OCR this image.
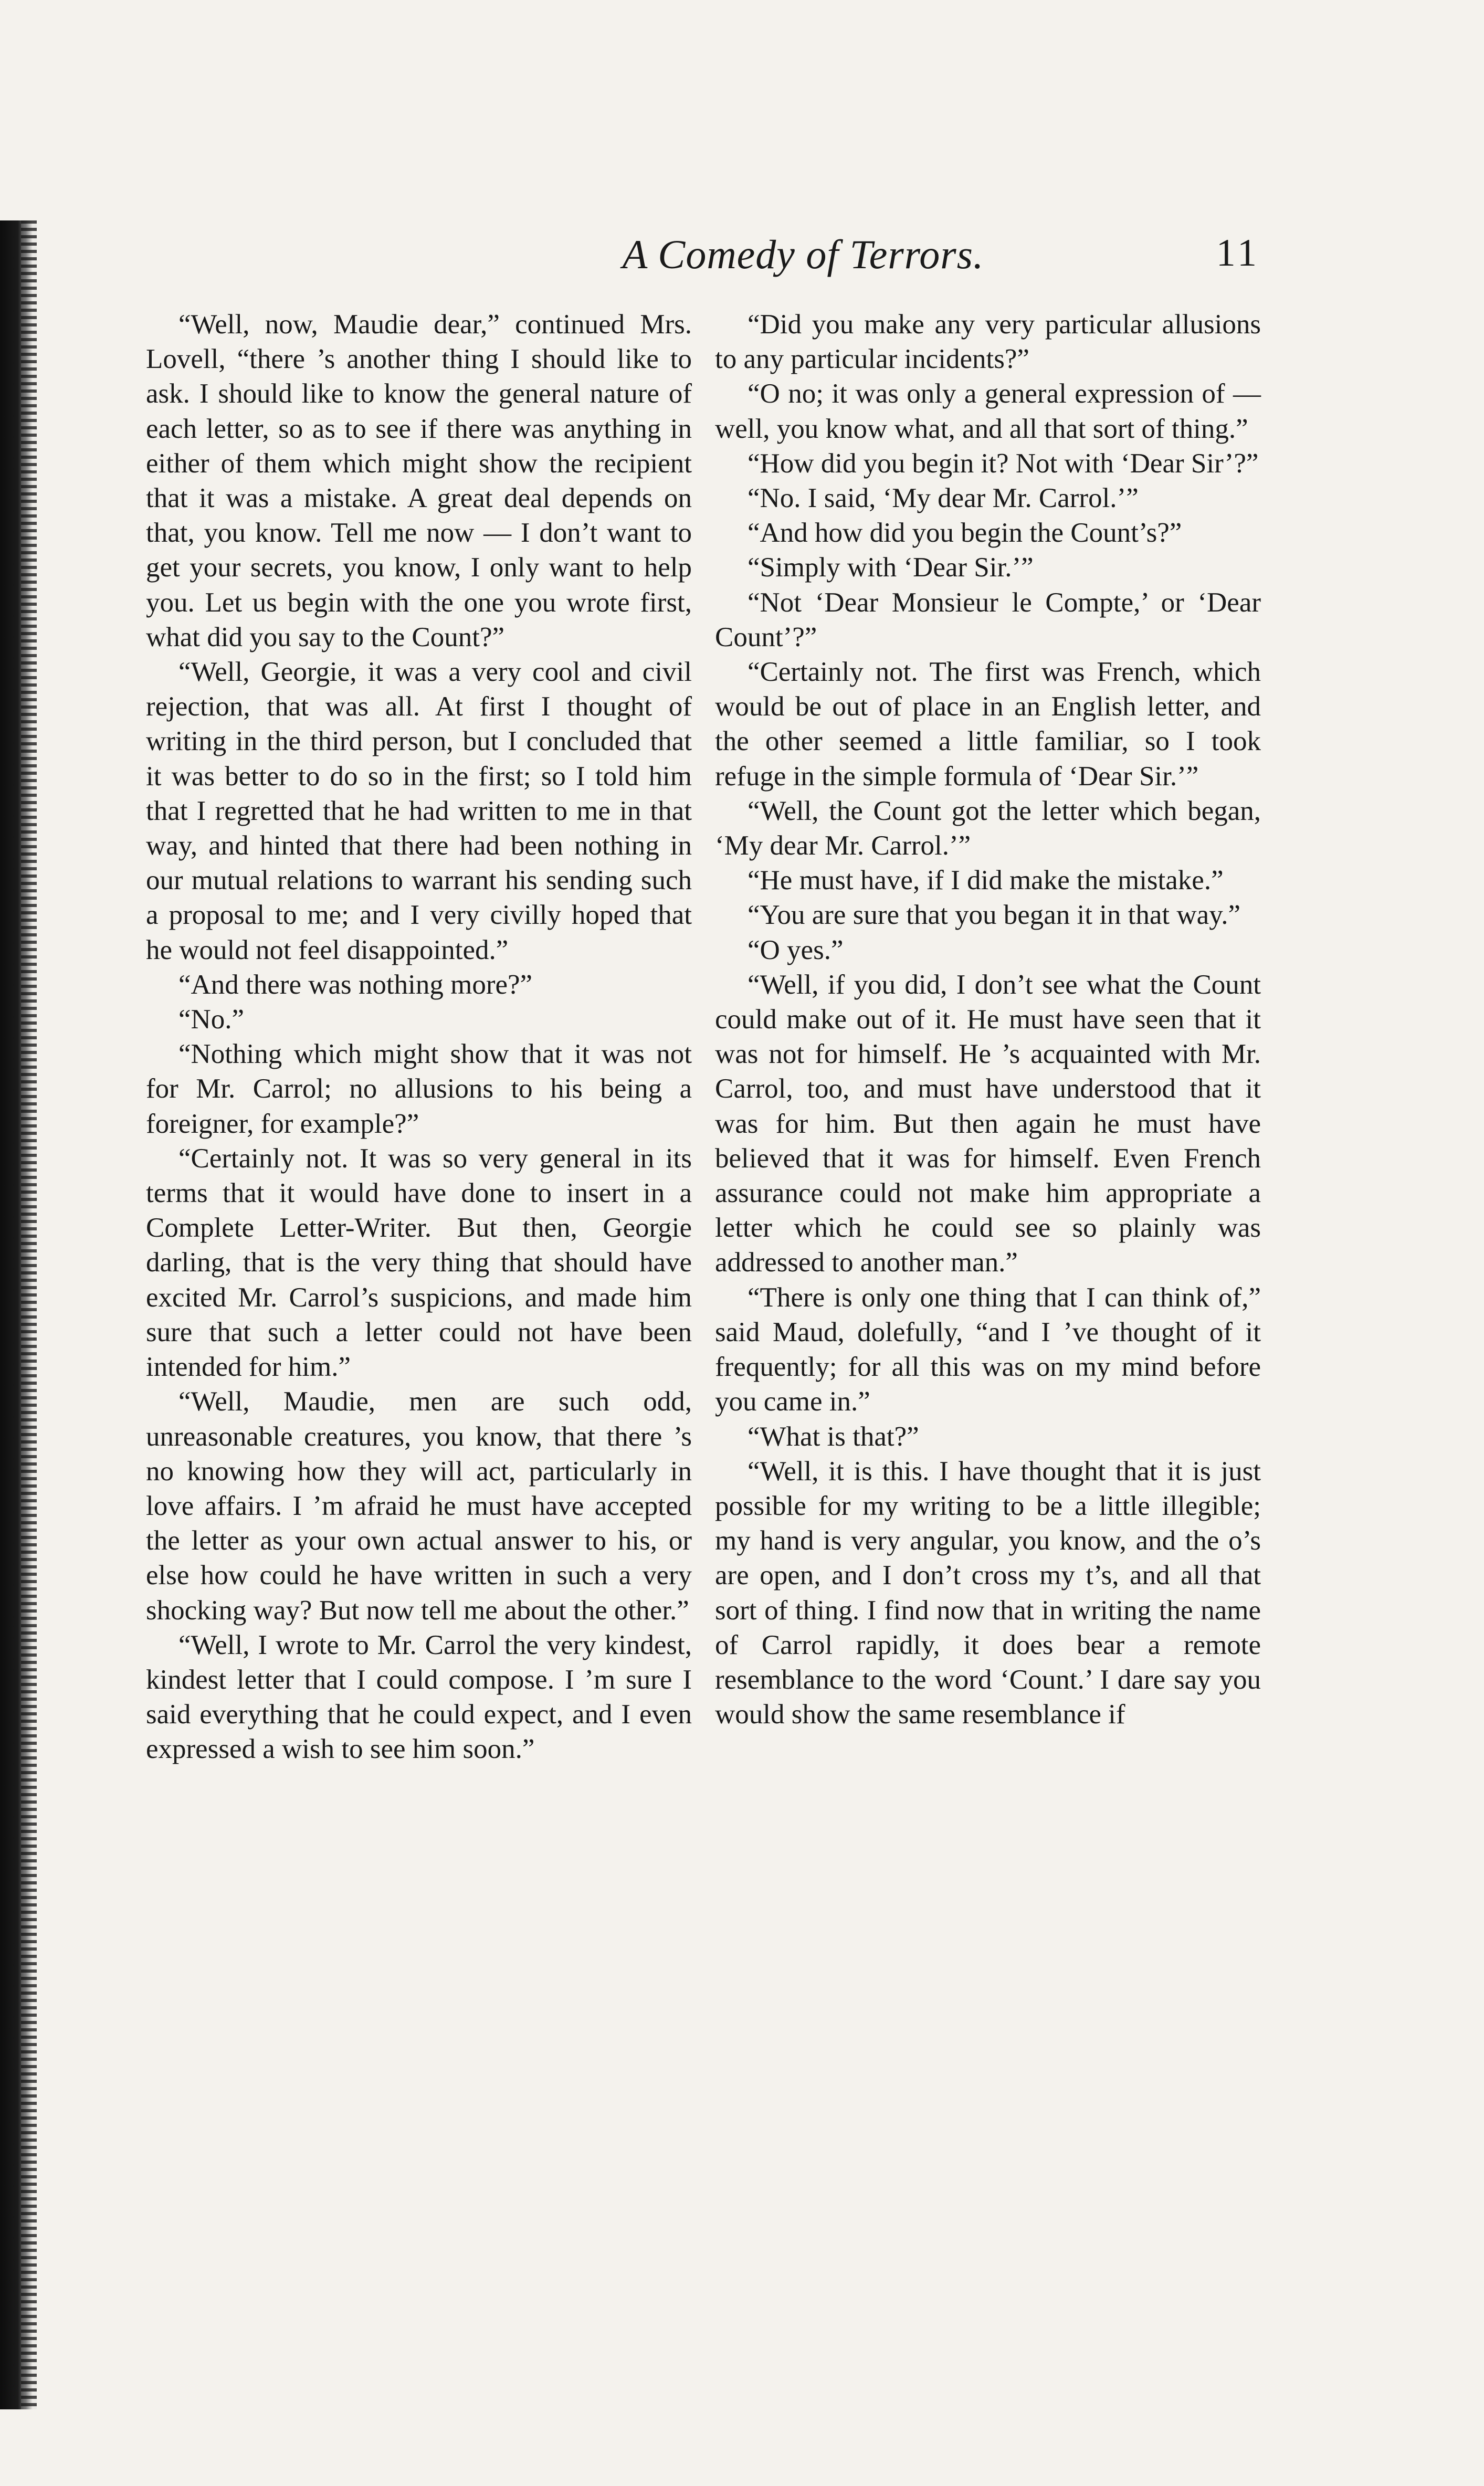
A Comedy of Terrors.	11

“Well, now, Maudie dear,” continued Mrs. Lovell, “there ’s another thing I should like to ask. I should like to know the general nature of each letter, so as to see if there was anything in either of them which might show the recipient that it was a mistake. A great deal depends on that, you know. Tell me now — I don’t want to get your secrets, you know, I only want to help you. Let us begin with the one you wrote first, what did you say to the Count?”

“Well, Georgie, it was a very cool and civil rejection, that was all. At first I thought of writing in the third person, but I concluded that it was better to do so in the first; so I told him that I regretted that he had written to me in that way, and hinted that there had been nothing in our mutual relations to warrant his sending such a proposal to me; and I very civilly hoped that he would not feel disappointed.”

“And there was nothing more?”

“No.”

“Nothing which might show that it was not for Mr. Carrol; no allusions to his being a foreigner, for example?”

“Certainly not. It was so very general in its terms that it would have done to insert in a Complete Letter-Writer. But then, Georgie darling, that is the very thing that should have excited Mr. Carrol’s suspicions, and made him sure that such a letter could not have been intended for him.”

“Well, Maudie, men are such odd, unreasonable creatures, you know, that there ’s no knowing how they will act, particularly in love affairs. I ’m afraid he must have accepted the letter as your own actual answer to his, or else how could he have written in such a very shocking way? But now tell me about the other.”

“Well, I wrote to Mr. Carrol the very kindest, kindest letter that I could compose. I ’m sure I said everything that he could expect, and I even expressed a wish to see him soon.”

“Did you make any very particular allusions to any particular incidents?”

“O no; it was only a general expression of — well, you know what, and all that sort of thing.”

“How did you begin it? Not with ‘Dear Sir’?”

“No. I said, ‘My dear Mr. Carrol.’”

“And how did you begin the Count’s?”

“Simply with ‘Dear Sir.’”

“Not ‘Dear Monsieur le Compte,’ or ‘Dear Count’?”

“Certainly not. The first was French, which would be out of place in an English letter, and the other seemed a little familiar, so I took refuge in the simple formula of ‘Dear Sir.’”

“Well, the Count got the letter which began, ‘My dear Mr. Carrol.’”

“He must have, if I did make the mistake.”

“You are sure that you began it in that way.”

“O yes.”

“Well, if you did, I don’t see what the Count could make out of it. He must have seen that it was not for himself. He ’s acquainted with Mr. Carrol, too, and must have understood that it was for him. But then again he must have believed that it was for himself. Even French assurance could not make him appropriate a letter which he could see so plainly was addressed to another man.”

“There is only one thing that I can think of,” said Maud, dolefully, “and I ’ve thought of it frequently; for all this was on my mind before you came in.”

“What is that?”

“Well, it is this. I have thought that it is just possible for my writing to be a little illegible; my hand is very angular, you know, and the o’s are open, and I don’t cross my t’s, and all that sort of thing. I find now that in writing the name of Carrol rapidly, it does bear a remote resemblance to the word ‘Count.’ I dare say you would show the same resemblance if
